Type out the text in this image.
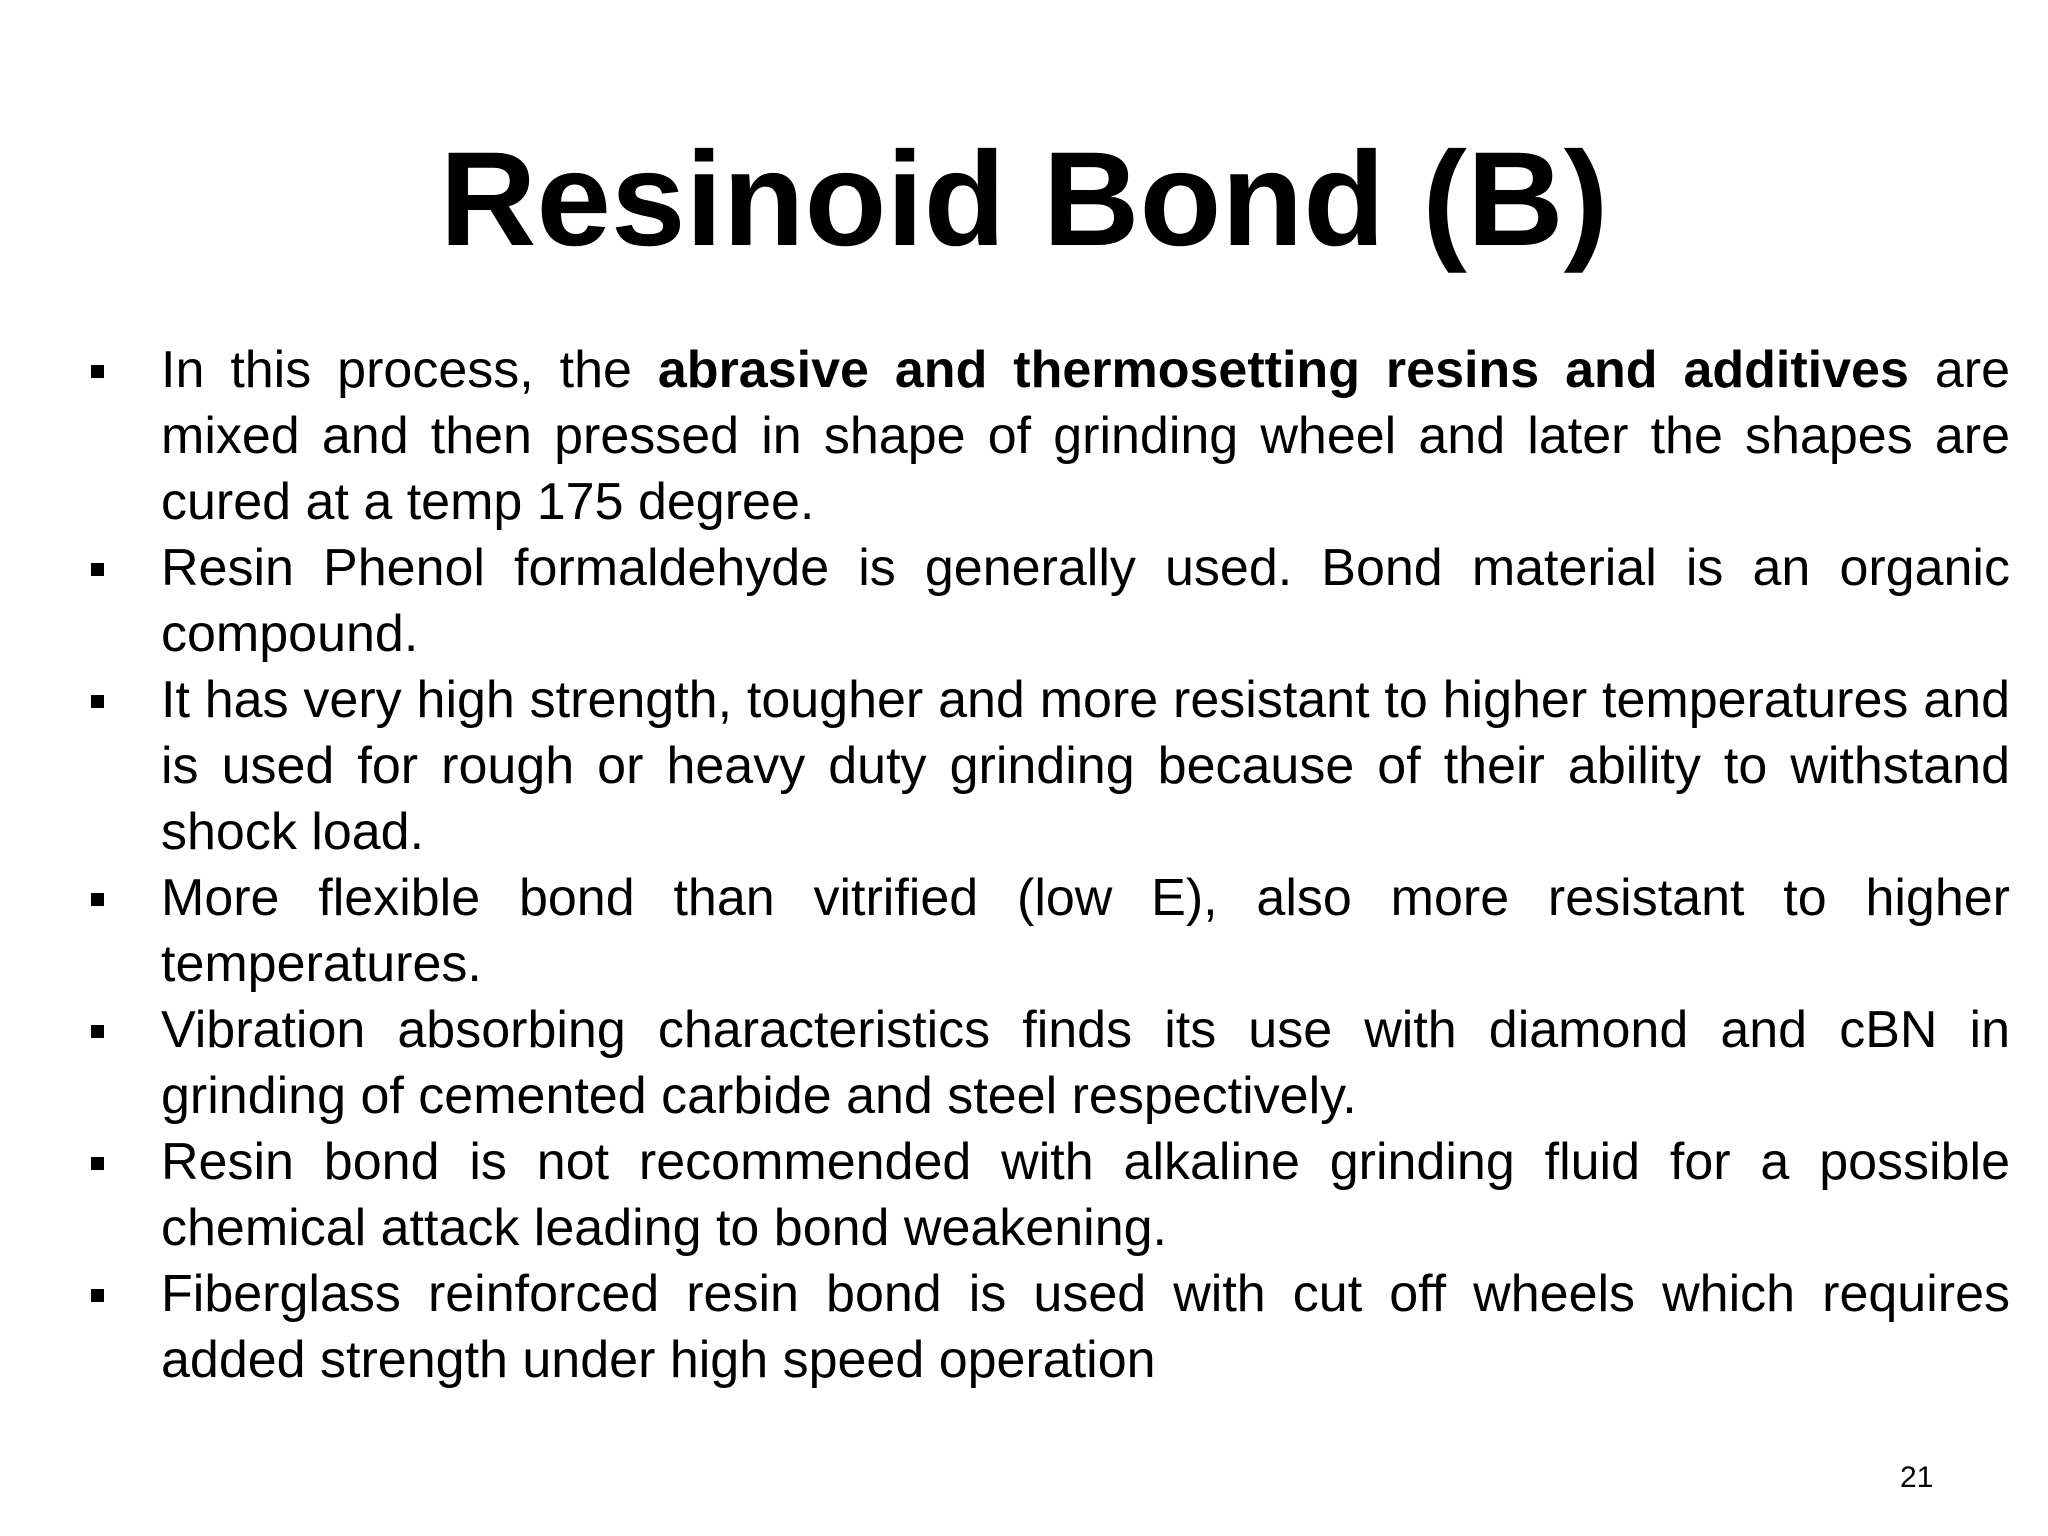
Resinoid Bond (B)
In this process, the abrasive and thermosetting resins and additives are mixed and then pressed in shape of grinding wheel and later the shapes are cured at a temp 175 degree.
Resin Phenol formaldehyde is generally used. Bond material is an organic compound.
It has very high strength, tougher and more resistant to higher temperatures and is used for rough or heavy duty grinding because of their ability to withstand shock load.
More flexible bond than vitrified (low E), also more resistant to higher temperatures.
Vibration absorbing characteristics finds its use with diamond and cBN in grinding of cemented carbide and steel respectively.
Resin bond is not recommended with alkaline grinding fluid for a possible chemical attack leading to bond weakening.
Fiberglass reinforced resin bond is used with cut off wheels which requires added strength under high speed operation
21
